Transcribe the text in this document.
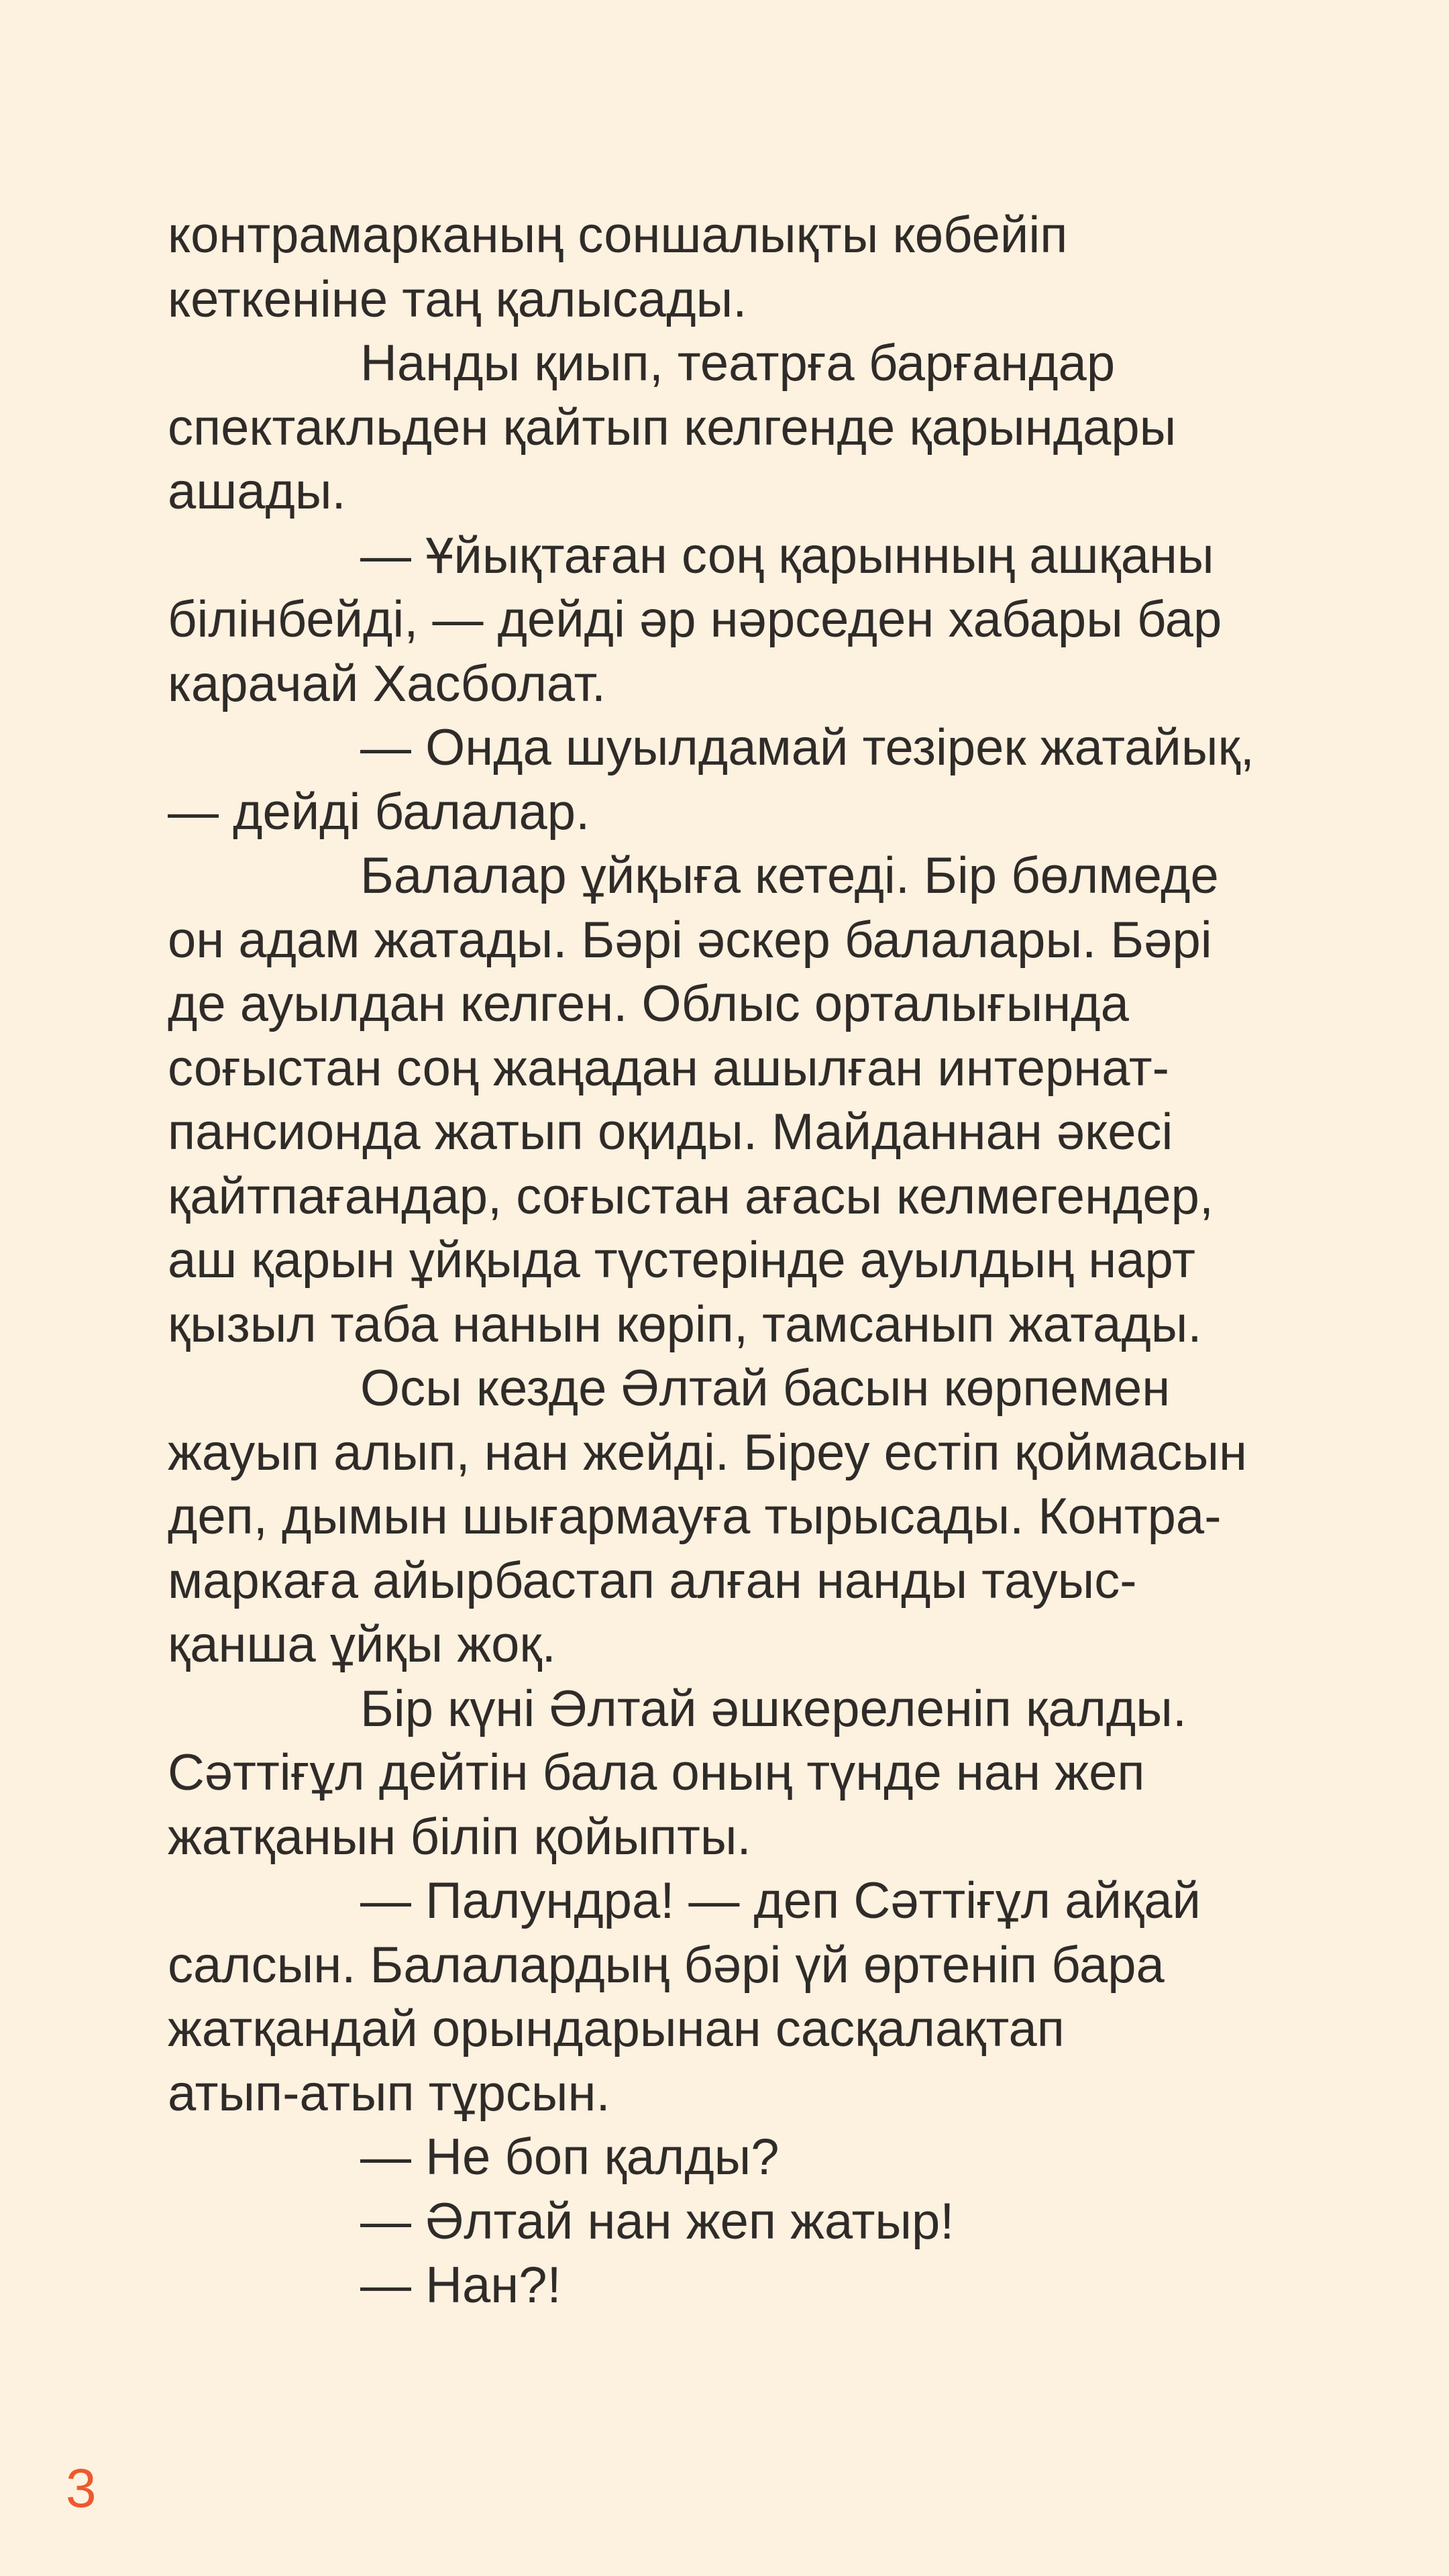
контрамарканың соншалықты көбейіп
кеткеніне таң қалысады.
Нанды қиып, театрға барғандар
спектакльден қайтып келгенде қарындары
ашады.
— Ұйықтаған соң қарынның ашқаны
білінбейді, — дейді әр нәрседен хабары бар
карачай Хасболат.
— Онда шуылдамай тезірек жатайық,
— дейді балалар.
Балалар ұйқыға кетеді. Бір бөлмеде
он адам жатады. Бәрі әскер балалары. Бәрі
де ауылдан келген. Облыс орталығында
соғыстан соң жаңадан ашылған интернат-
пансионда жатып оқиды. Майданнан әкесі
қайтпағандар, соғыстан ағасы келмегендер,
аш қарын ұйқыда түстерінде ауылдың нарт
қызыл таба нанын көріп, тамсанып жатады.
Осы кезде Әлтай басын көрпемен
жауып алып, нан жейді. Біреу естіп қоймасын
деп, дымын шығармауға тырысады. Контра-
маркаға айырбастап алған нанды тауыс-
қанша ұйқы жоқ.
Бір күні Әлтай әшкереленіп қалды.
Сәттіғұл дейтін бала оның түнде нан жеп
жатқанын біліп қойыпты.
— Палундра! — деп Сәттіғұл айқай
салсын. Балалардың бәрі үй өртеніп бара
жатқандай орындарынан сасқалақтап
атып-атып тұрсын.
— Не боп қалды?
— Әлтай нан жеп жатыр!
— Нан?!
3
